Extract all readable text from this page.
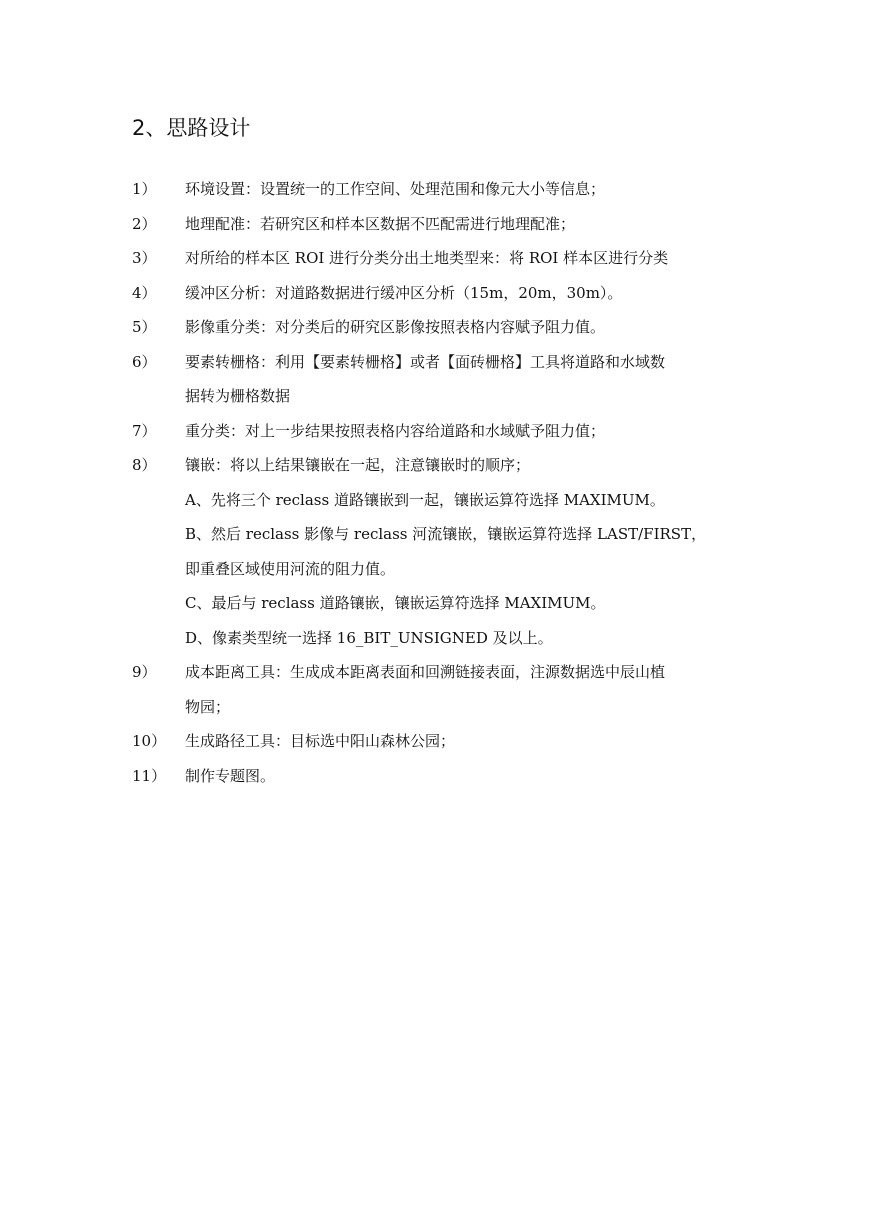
2、思路设计
1）	环境设置：设置统一的工作空间、处理范围和像元大小等信息；
2）	地理配准：若研究区和样本区数据不匹配需进行地理配准；
3）	对所给的样本区 ROI 进行分类分出土地类型来：将 ROI 样本区进行分类
4）	缓冲区分析：对道路数据进行缓冲区分析（15m，20m，30m）。
5）	影像重分类：对分类后的研究区影像按照表格内容赋予阻力值。
6）	要素转栅格：利用【要素转栅格】或者【面砖栅格】工具将道路和水域数
据转为栅格数据
7）	重分类：对上一步结果按照表格内容给道路和水域赋予阻力值；
8）	镶嵌：将以上结果镶嵌在一起，注意镶嵌时的顺序；
A、先将三个 reclass 道路镶嵌到一起，镶嵌运算符选择 MAXIMUM。
B、然后 reclass 影像与 reclass 河流镶嵌，镶嵌运算符选择 LAST/FIRST，
即重叠区域使用河流的阻力值。
C、最后与 reclass 道路镶嵌，镶嵌运算符选择 MAXIMUM。
D、像素类型统一选择 16_BIT_UNSIGNED 及以上。
9）	成本距离工具：生成成本距离表面和回溯链接表面，注源数据选中辰山植
物园；
10）	生成路径工具：目标选中阳山森林公园；
11）	制作专题图。
